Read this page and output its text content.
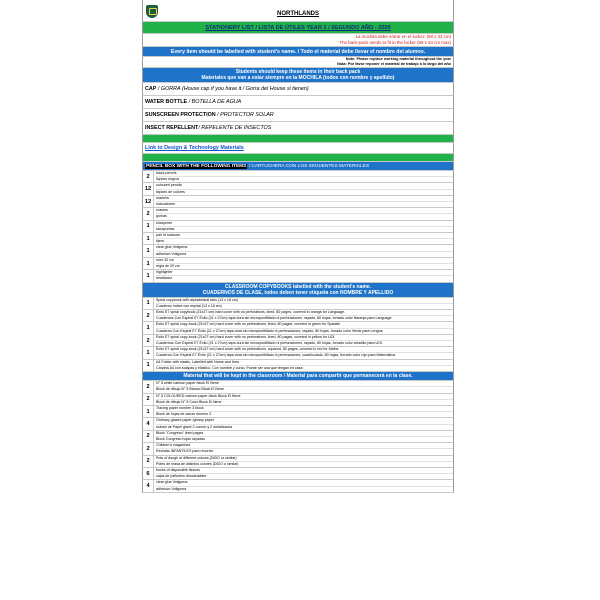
NORTHLANDS
STATIONERY LIST / LISTA DE ÚTILES YEAR 2 / SEGUNDO AÑO - 2020
La mochila debe entrar en el locker: (58 x 33 cm)
The back-pack needs to fit in the locker (58 x 33 cm max)
Every item should be labelled with student's name. / Todo el material debe llevar el nombre del alumno.
Note: Please replace working material throughout the year
Nota: Por favor reponer el material de trabajo a lo largo del año
Students should keep these items in their back pack
Materiales que van a estar siempre en la MOCHILA (todos con nombre y apellido)
CAP / GORRA (House cap if you have it / Gorra del House si tienen)
WATER BOTTLE / BOTELLA DE AGUA
SUNSCREEN PROTECTION / PROTECTOR SOLAR
INSECT REPELLENT/ REPELENTE DE INSECTOS
Link to Design & Technology Materials
PENCIL BOX WITH THE FOLLOWING ITEMS / CARTUCHERA CON LOS SIGUIENTES MATERIALES
2
black pencils
lápices negros
12
coloured pencils
lápices de colores
12
markers
marcadores
2
erasers
gomas
1
sharpener
sacapuntas
1
pair of scissors
tijera
1
clear glue Voligoma
adhesivo Voligoma
1
ruler 20 cm
regla de 20 cm
1
highlighter
resaltador
CLASSROOM COPYBOOKS labelled with the student's name.
CUADERNOS DE CLASE, todos deben tener etiqueta con NOMBRE Y APELLIDO
1
Spiral copybook with alphabetical tabs (13 x 18 cm)
Cuaderno índice con espiral (13 x 18 cm)
2
Éxito E7 spiral copybook (21x27 cm) hard cover with no perforations, lined, 80 pages, covered in orange for Language.
Cuadernos Con Espiral E7 Éxito (21 x 27cm) tapa dura sin micropunttillado ni perforaciones, rayado, 80 hojas, forrado color Naranja para Language.
1
Éxito E7 spiral copy-book (21x27 cm) hard cover with no perforations, lined, 80 pages, covered in green for Spanish
Cuaderno Con Espiral E7 Éxito (21 x 27cm) tapa dura sin micropunttillado ni perforaciones, rayado, 80 hojas, forrado color Verde para Lengua
2
Éxito E7 spiral copy-book (21x27 cm) hard cover with no perforations, lined, 80 pages, covered in yellow for UOI.
Cuadernos Con Espiral E7 Éxito (21 x 27cm) tapa dura sin micropunttillado ni perforaciones, rayado, 80 hojas, forrado color amarillo para UOI.
1
Éxito E7 spiral copy-book (21x27 cm) hard cover with no perforations, squared, 80 pages, covered in red for Maths
Cuaderno Con Espiral E7 Éxito (21 x 27cm) tapa dura sin micropunttillado ni perforaciones, cuadriculado, 80 hojas, forrado color rojo para Matemática
1
A4 Folder with elastic, Labelled with Name and form.
Carpeta A4 con solapas y elástico. Con nombre y curso. Puede ser una que tengan en casa
Material that will be kept in the classroom / Material para compartir que permanecerá en la clase.
2
N° 5 white cartoon paper block El Nene
Block de dibujo N° 5 Blanco Block El Nene
2
N° 5 COLOURED cartoon paper block Block El Nene
Block de dibujo N° 5 Color Block El Nene
1
Tracing paper number 3 block
Block de hojas de calcar número 3
4
Ordinary glazed paper /glossy paper
sobres de Papel glacé 2 común y 2 metalizados
2
Block "Congreso" lined pages
Block Congreso hojas rayadas
2
Children's magazines
Revistas INFANTILES para recortar
2
Pots of dough of different colours (DIDO or similar)
Potes de masa de distintos colores (DIDO o similar)
6
boxes of disposable tissues
cajas de pañuelos descartables
4
clear glue Voligoma
adhesivo Voligoma
